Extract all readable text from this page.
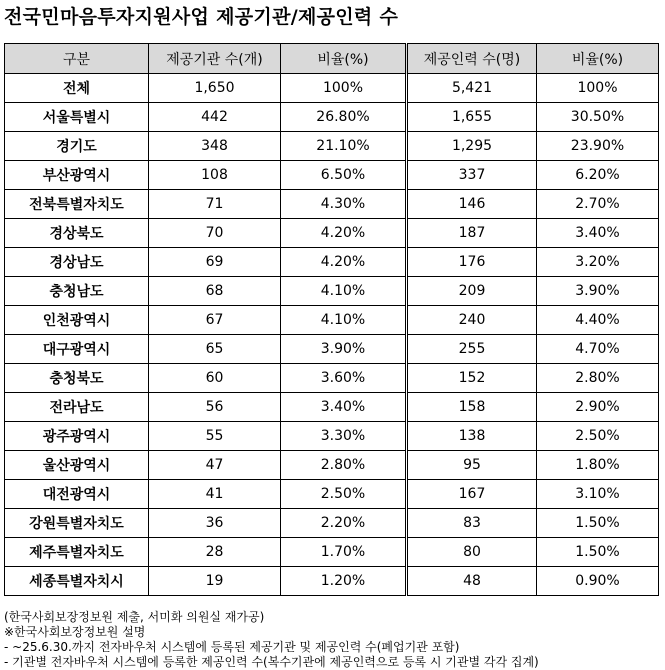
전국민마음투자지원사업 제공기관/제공인력 수
구분	제공기관 수(개)	비율(%)	제공인력 수(명)	비율(%)
전체	1,650	100%	5,421	100%
서울특별시	442	26.80%	1,655	30.50%
경기도	348	21.10%	1,295	23.90%
부산광역시	108	6.50%	337	6.20%
전북특별자치도	71	4.30%	146	2.70%
경상북도	70	4.20%	187	3.40%
경상남도	69	4.20%	176	3.20%
충청남도	68	4.10%	209	3.90%
인천광역시	67	4.10%	240	4.40%
대구광역시	65	3.90%	255	4.70%
충청북도	60	3.60%	152	2.80%
전라남도	56	3.40%	158	2.90%
광주광역시	55	3.30%	138	2.50%
울산광역시	47	2.80%	95	1.80%
대전광역시	41	2.50%	167	3.10%
강원특별자치도	36	2.20%	83	1.50%
제주특별자치도	28	1.70%	80	1.50%
세종특별자치시	19	1.20%	48	0.90%
(한국사회보장정보원 제출, 서미화 의원실 재가공)
※한국사회보장정보원 설명
- ~25.6.30.까지 전자바우처 시스템에 등록된 제공기관 및 제공인력 수(폐업기관 포함)
- 기관별 전자바우처 시스템에 등록한 제공인력 수(복수기관에 제공인력으로 등록 시 기관별 각각 집계)
